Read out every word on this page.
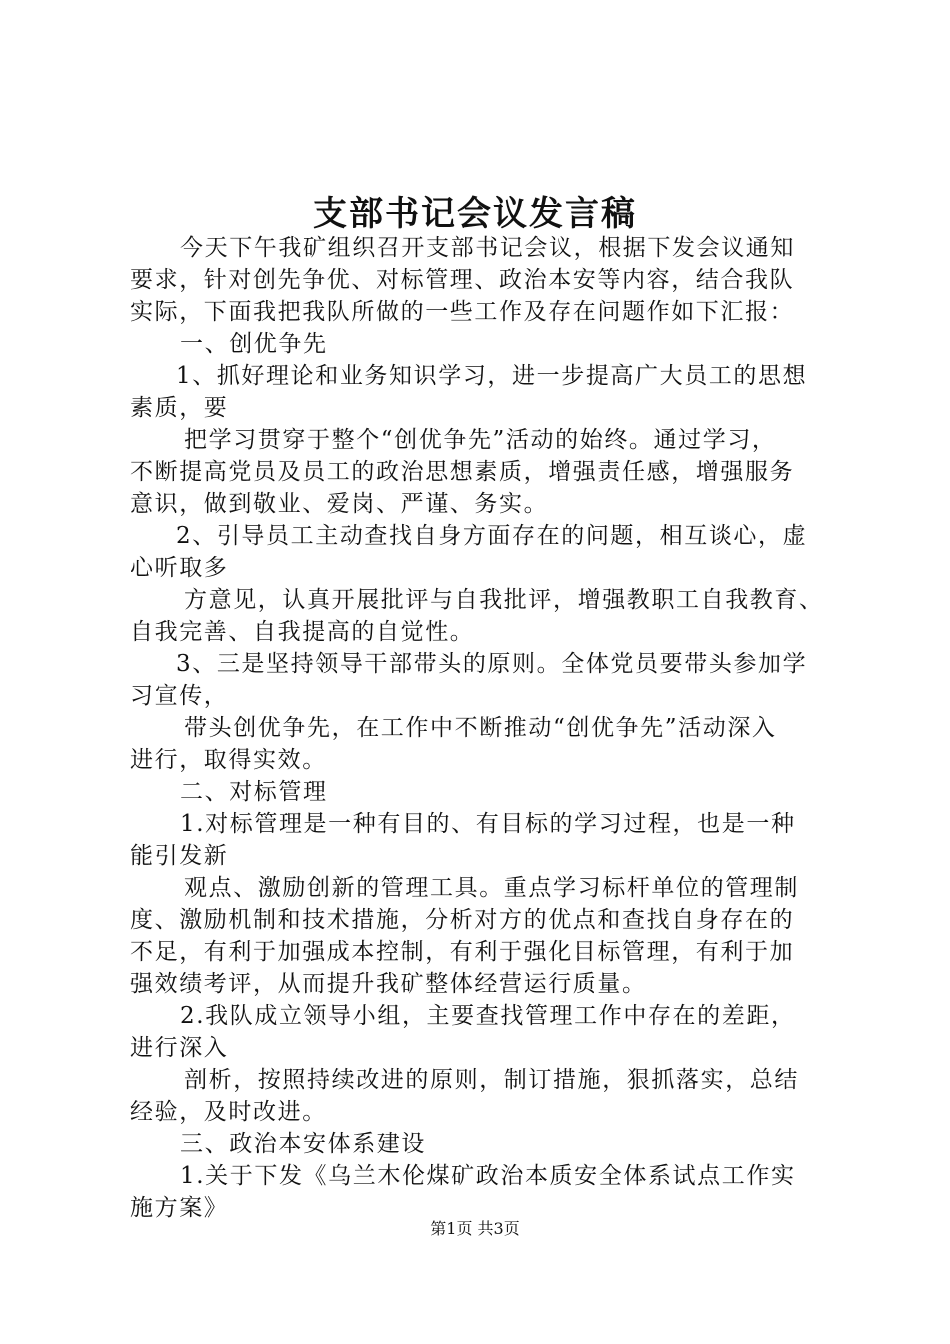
支部书记会议发言稿

今天下午我矿组织召开支部书记会议，根据下发会议通知

要求，针对创先争优、对标管理、政治本安等内容，结合我队

实际，下面我把我队所做的一些工作及存在问题作如下汇报：

一、创优争先

1、抓好理论和业务知识学习，进一步提高广大员工的思想

素质，要

把学习贯穿于整个“创优争先”活动的始终。通过学习，

不断提高党员及员工的政治思想素质，增强责任感，增强服务

意识，做到敬业、爱岗、严谨、务实。

2、引导员工主动查找自身方面存在的问题，相互谈心，虚

心听取多

方意见，认真开展批评与自我批评，增强教职工自我教育、

自我完善、自我提高的自觉性。

3、三是坚持领导干部带头的原则。全体党员要带头参加学

习宣传，

带头创优争先，在工作中不断推动“创优争先”活动深入

进行，取得实效。

二、对标管理

1.对标管理是一种有目的、有目标的学习过程，也是一种

能引发新

观点、激励创新的管理工具。重点学习标杆单位的管理制

度、激励机制和技术措施，分析对方的优点和查找自身存在的

不足，有利于加强成本控制，有利于强化目标管理，有利于加

强效绩考评，从而提升我矿整体经营运行质量。

2.我队成立领导小组，主要查找管理工作中存在的差距，

进行深入

剖析，按照持续改进的原则，制订措施，狠抓落实，总结

经验，及时改进。

三、政治本安体系建设

1.关于下发《乌兰木伦煤矿政治本质安全体系试点工作实

施方案》

第1页 共3页
